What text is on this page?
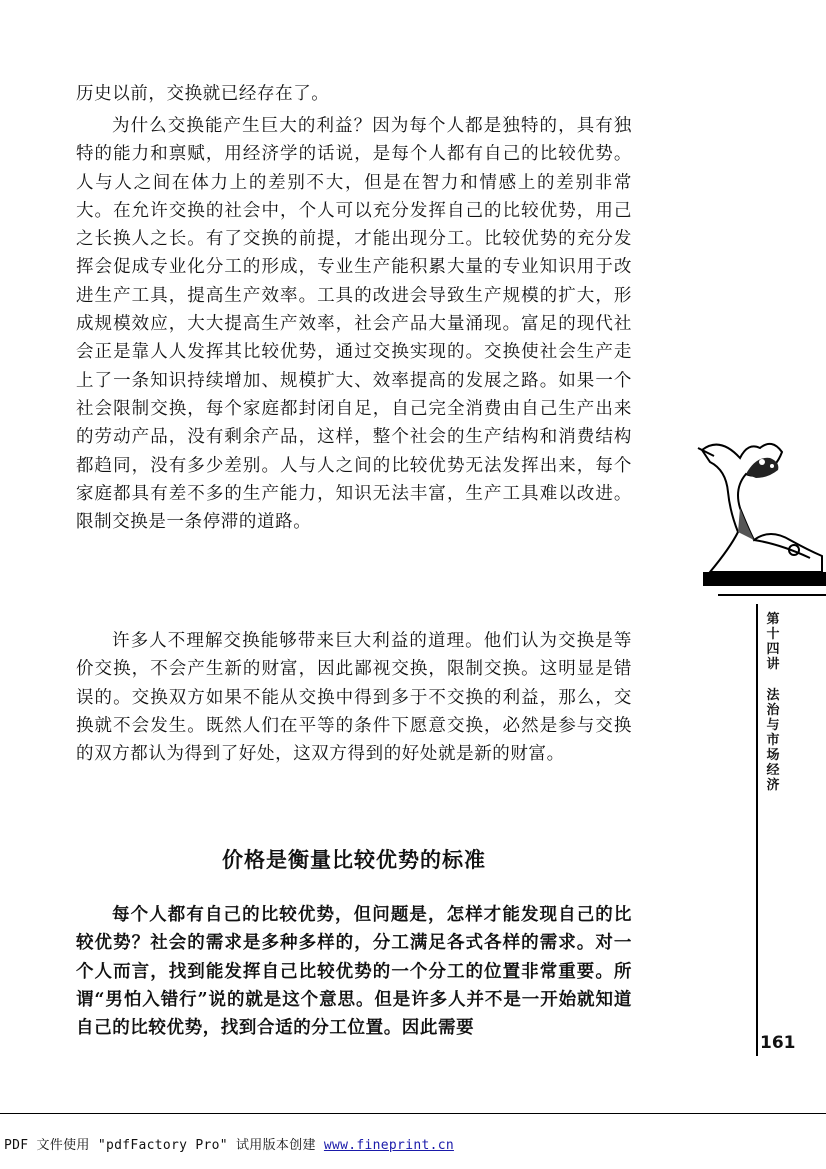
历史以前，交换就已经存在了。

为什么交换能产生巨大的利益？因为每个人都是独特的，具有独特的能力和禀赋，用经济学的话说，是每个人都有自己的比较优势。人与人之间在体力上的差别不大，但是在智力和情感上的差别非常大。在允许交换的社会中，个人可以充分发挥自己的比较优势，用己之长换人之长。有了交换的前提，才能出现分工。比较优势的充分发挥会促成专业化分工的形成，专业生产能积累大量的专业知识用于改进生产工具，提高生产效率。工具的改进会导致生产规模的扩大，形成规模效应，大大提高生产效率，社会产品大量涌现。富足的现代社会正是靠人人发挥其比较优势，通过交换实现的。交换使社会生产走上了一条知识持续增加、规模扩大、效率提高的发展之路。如果一个社会限制交换，每个家庭都封闭自足，自己完全消费由自己生产出来的劳动产品，没有剩余产品，这样，整个社会的生产结构和消费结构都趋同，没有多少差别。人与人之间的比较优势无法发挥出来，每个家庭都具有差不多的生产能力，知识无法丰富，生产工具难以改进。限制交换是一条停滞的道路。

许多人不理解交换能够带来巨大利益的道理。他们认为交换是等价交换，不会产生新的财富，因此鄙视交换，限制交换。这明显是错误的。交换双方如果不能从交换中得到多于不交换的利益，那么，交换就不会发生。既然人们在平等的条件下愿意交换，必然是参与交换的双方都认为得到了好处，这双方得到的好处就是新的财富。

价格是衡量比较优势的标准

每个人都有自己的比较优势，但问题是，怎样才能发现自己的比较优势？社会的需求是多种多样的，分工满足各式各样的需求。对一个人而言，找到能发挥自己比较优势的一个分工的位置非常重要。所谓“男怕入错行”说的就是这个意思。但是许多人并不是一开始就知道自己的比较优势，找到合适的分工位置。因此需要

第
十
四
讲
法
治
与
市
场
经
济

161

PDF 文件使用 "pdfFactory Pro" 试用版本创建 www.fineprint.cn
